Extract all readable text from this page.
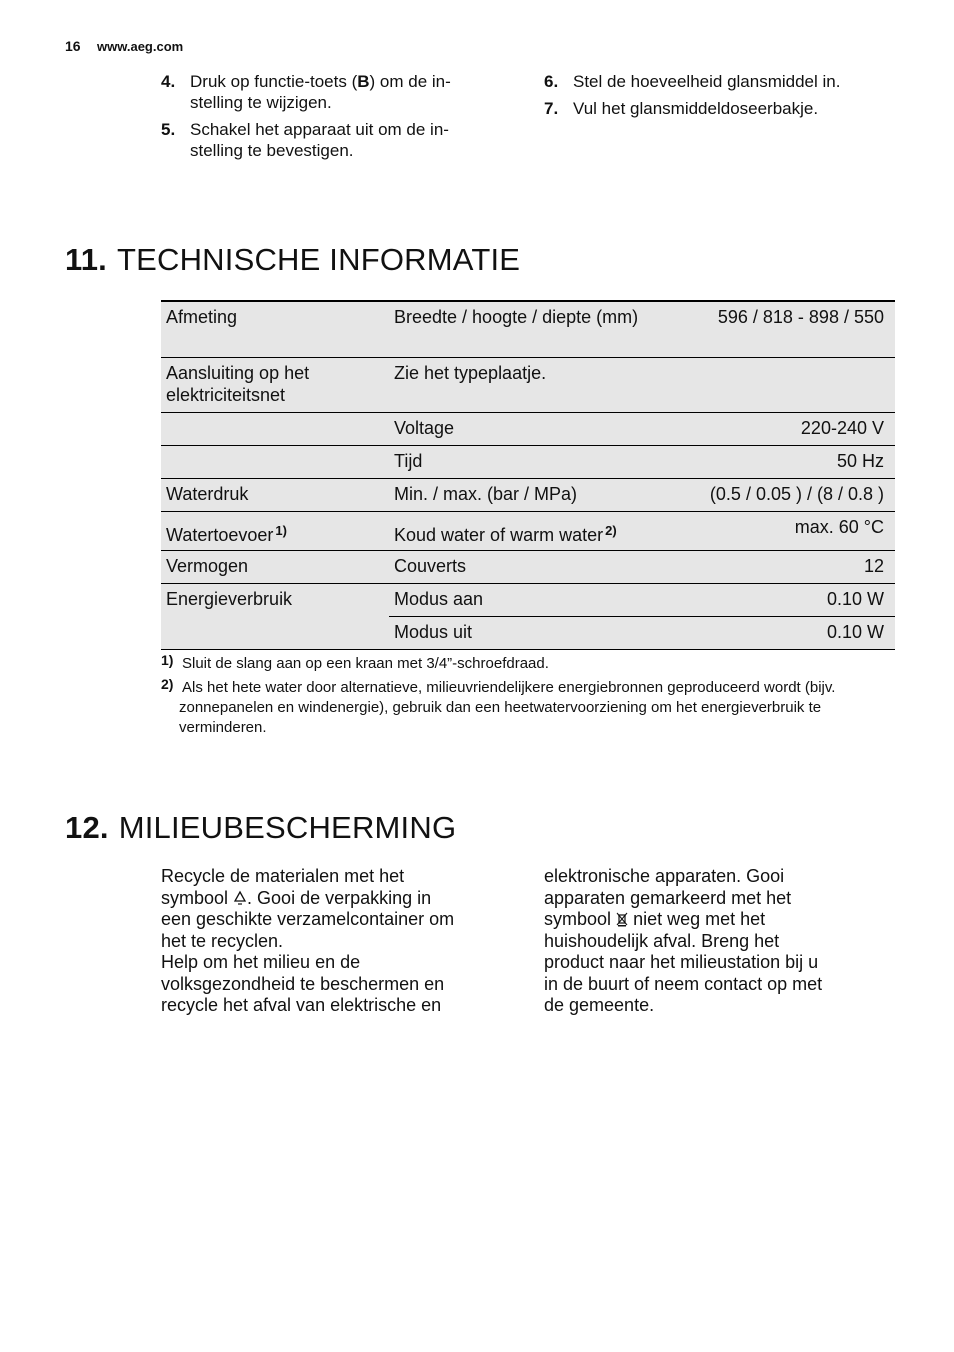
16 www.aeg.com
4. Druk op functie-toets (B) om de in-
stelling te wijzigen.
5. Schakel het apparaat uit om de in-
stelling te bevestigen.
6. Stel de hoeveelheid glansmiddel in.
7. Vul het glansmiddeldoseerbakje.
11. TECHNISCHE INFORMATIE
Afmeting	Breedte / hoogte / diepte (mm)	596 / 818 - 898 / 550
Aansluiting op het elektriciteitsnet	Zie het typeplaatje.	
	Voltage	220-240 V
	Tijd	50 Hz
Waterdruk	Min. / max. (bar / MPa)	(0.5 / 0.05 ) / (8 / 0.8 )
Watertoevoer $^{1)}$	Koud water of warm water $^{2)}$	max. 60 °C
Vermogen	Couverts	12
Energieverbruik	Modus aan	0.10 W
	Modus uit	0.10 W
1) Sluit de slang aan op een kraan met 3/4”-schroefdraad.
2) Als het hete water door alternatieve, milieuvriendelijkere energiebronnen geproduceerd wordt (bijv. zonnepanelen en windenergie), gebruik dan een heetwatervoorziening om het energieverbruik te verminderen.
12. MILIEUBESCHERMING
Recycle de materialen met het
symbool . Gooi de verpakking in
een geschikte verzamelcontainer om
het te recyclen.
Help om het milieu en de
volksgezondheid te beschermen en
recycle het afval van elektrische en
elektronische apparaten. Gooi
apparaten gemarkeerd met het
symbool niet weg met het
huishoudelijk afval. Breng het
product naar het milieustation bij u
in de buurt of neem contact op met
de gemeente.
